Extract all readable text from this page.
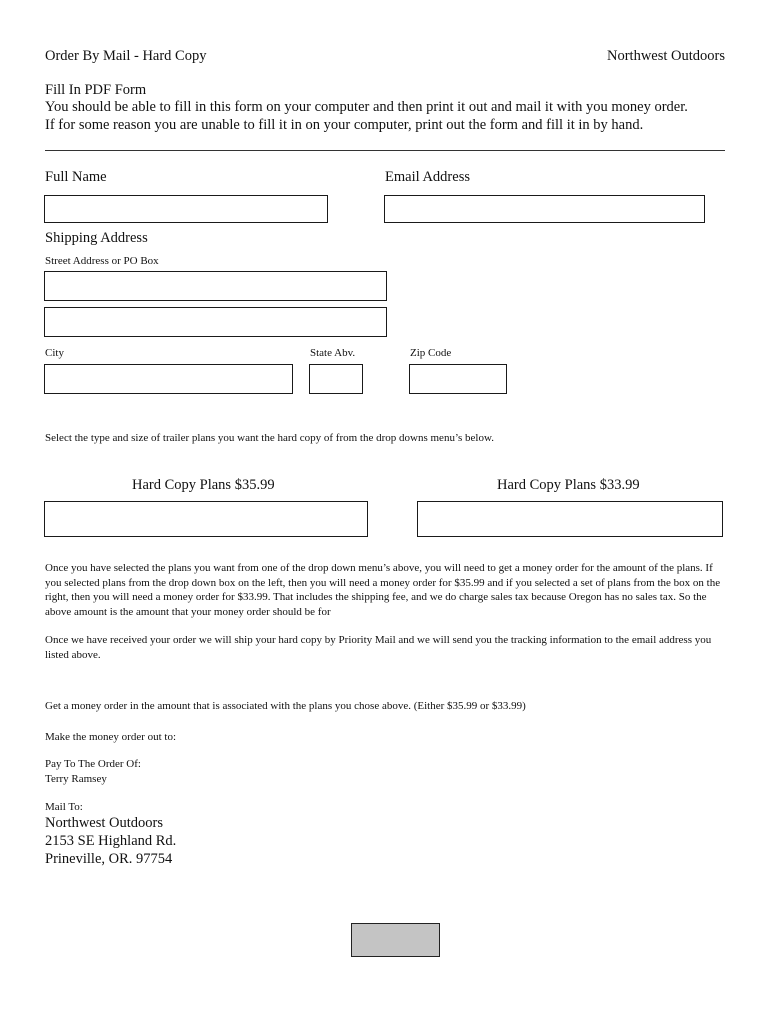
Order By Mail - Hard Copy	Northwest Outdoors
Fill In PDF Form
You should be able to fill in this form on your computer and then print it out and mail it with you money order.
If for some reason you are unable to fill it in on your computer, print out the form and fill it in by hand.
Full Name	Email Address
Shipping Address
Street Address or PO Box
City	State Abv.	Zip Code
Select the type and size of trailer plans you want the hard copy of from the drop downs menu’s below.
Hard Copy Plans $35.99	Hard Copy Plans $33.99
Once you have selected the plans you want from one of the drop down menu’s above, you will need to get a money order for the amount of the plans. If you selected plans from the drop down box on the left, then you will need a money order for $35.99 and if you selected a set of plans from the box on the right, then you will need a money order for $33.99. That includes the shipping fee, and we do charge sales tax because Oregon has no sales tax. So the above amount is the amount that your money order should be for
Once we have received your order we will ship your hard copy by Priority Mail and we will send you the tracking information to the email address you listed above.
Get a money order in the amount that is associated with the plans you chose above. (Either $35.99 or $33.99)
Make the money order out to:
Pay To The Order Of:
Terry Ramsey
Mail To:
Northwest Outdoors
2153 SE Highland Rd.
Prineville, OR. 97754
